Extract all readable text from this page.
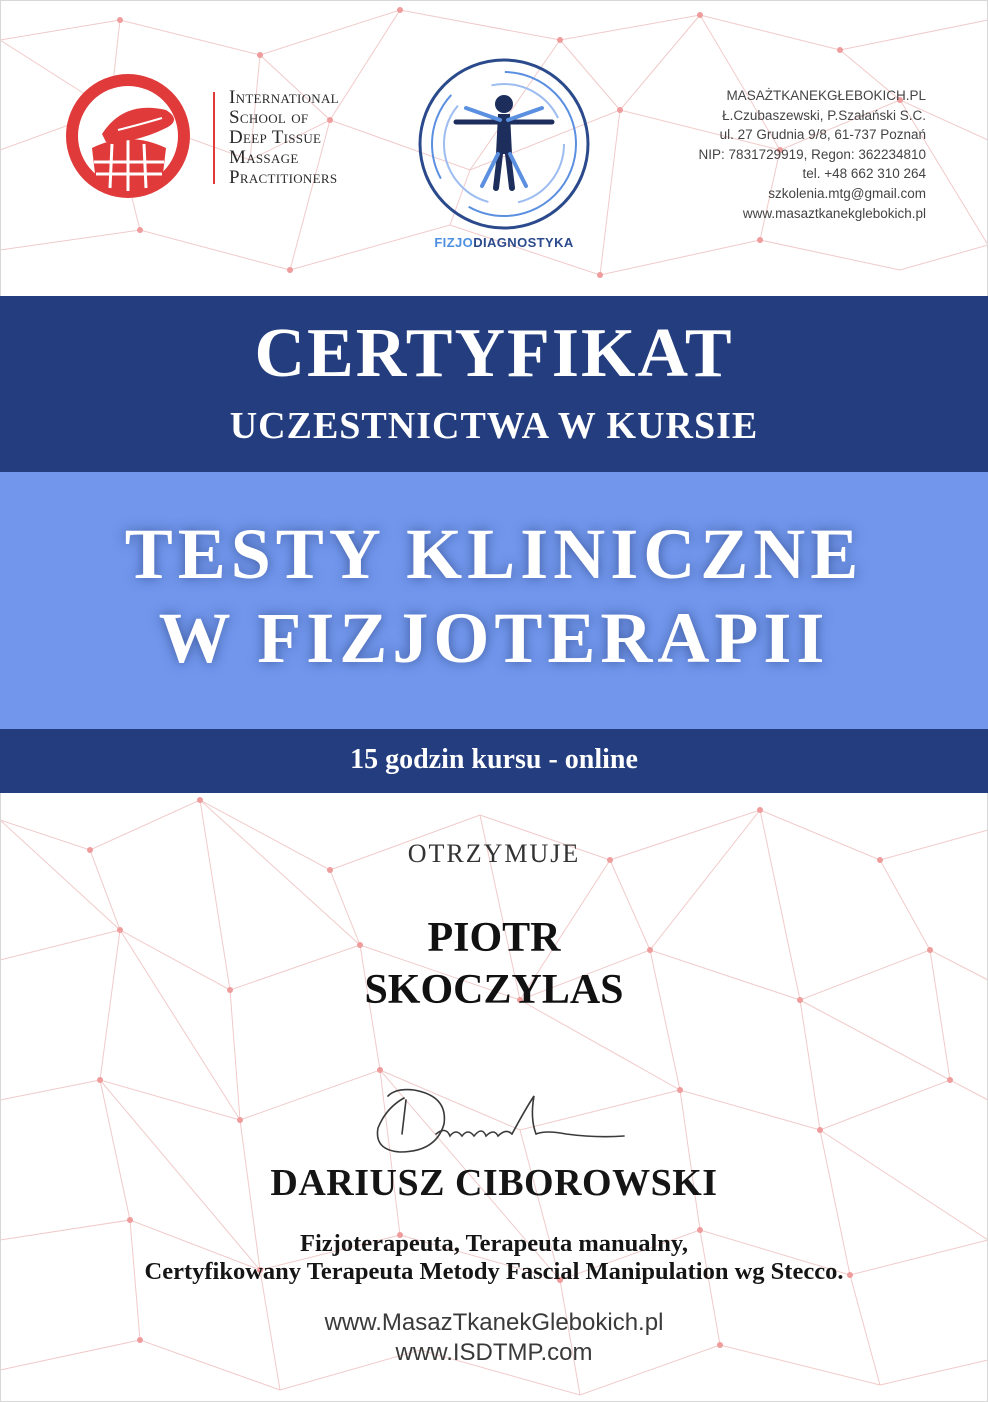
International
School of
Deep Tissue
Massage
Practitioners
FIZJODIAGNOSTYKA
MASAŻTKANEKGŁEBOKICH.PL
Ł.Czubaszewski, P.Szałański S.C.
ul. 27 Grudnia 9/8, 61-737 Poznań
NIP: 7831729919, Regon: 362234810
tel. +48 662 310 264
szkolenia.mtg@gmail.com
www.masaztkanekglebokich.pl
CERTYFIKAT
UCZESTNICTWA W KURSIE
TESTY KLINICZNE
W FIZJOTERAPII
15 godzin kursu - online
OTRZYMUJE
PIOTR
SKOCZYLAS
DARIUSZ CIBOROWSKI
Fizjoterapeuta, Terapeuta manualny,
Certyfikowany Terapeuta Metody Fascial Manipulation wg Stecco.
www.MasazTkanekGlebokich.pl
www.ISDTMP.com
